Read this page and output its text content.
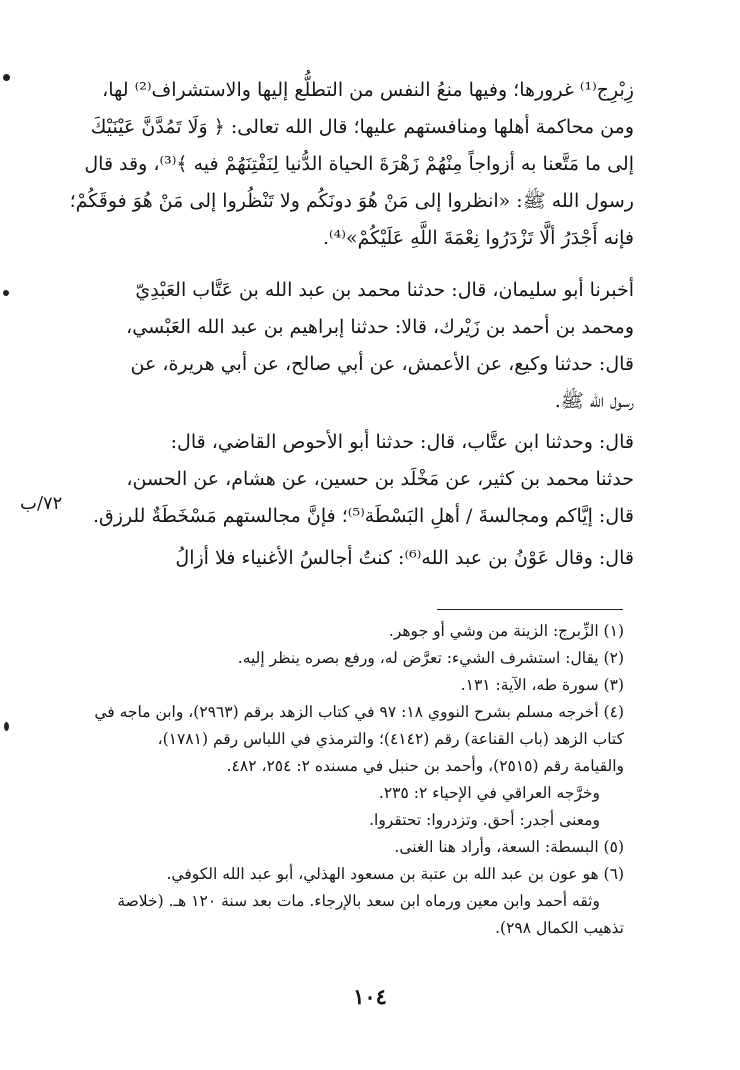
زِبْرِج⁽¹⁾ غرورها؛ وفيها منعُ النفس من التطلُّع إليها والاستشراف⁽²⁾ لها،

ومن محاكمة أهلها ومنافستهم عليها؛ قال الله تعالى: ﴿ وَلَا تَمُدَّنَّ عَيْنَيْكَ

إلى ما مَتَّعنا به أزواجاً مِنْهُمْ زَهْرَةَ الحياة الدُّنيا لِنَفْتِنَهُمْ فيه ﴾⁽³⁾، وقد قال

رسول الله ﷺ: «انظروا إلى مَنْ هُوَ دونَكُم ولا تَنْظُروا إلى مَنْ هُوَ فوقَكُمْ؛

فإنه أَجْدَرُ ألَّا تَزْدَرُوا نِعْمَةَ اللَّهِ عَلَيْكُمْ»⁽⁴⁾.

أخبرنا أبو سليمان، قال: حدثنا محمد بن عبد الله بن عَتَّاب العَبْدِيّ

ومحمد بن أحمد بن زَيْرك، قالا: حدثنا إبراهيم بن عبد الله العَبْسي،

قال: حدثنا وكيع، عن الأعمش، عن أبي صالح، عن أبي هريرة، عن

رسول الله ﷺ.

قال: وحدثنا ابن عتَّاب، قال: حدثنا أبو الأحوص القاضي، قال:

حدثنا محمد بن كثير، عن مَخْلَد بن حسين، عن هشام، عن الحسن،

قال: إيَّاكم ومجالسةَ / أهلِ البَسْطَة⁽⁵⁾؛ فإنَّ مجالستهم مَسْخَطَةٌ للرزق.

٧٢/ب

قال: وقال عَوْنُ بن عبد الله⁽⁶⁾: كنتُ أجالسُ الأغنياء فلا أزالُ

(١) الزِّبرج: الزينة من وشي أو جوهر.
(٢) يقال: استشرف الشيء: تعرَّض له، ورفع بصره ينظر إليه.
(٣) سورة طه، الآية: ١٣١.
(٤) أخرجه مسلم بشرح النووي ١٨: ٩٧ في كتاب الزهد برقم (٢٩٦٣)، وابن ماجه في
كتاب الزهد (باب القناعة) رقم (٤١٤٢)؛ والترمذي في اللباس رقم (١٧٨١)،
والقيامة رقم (٢٥١٥)، وأحمد بن حنبل في مسنده ٢: ٢٥٤، ٤٨٢.
وخرَّجه العراقي في الإحياء ٢: ٢٣٥.
ومعنى أجدر: أحق. وتزدروا: تحتقروا.
(٥) البسطة: السعة، وأراد هنا الغنى.
(٦) هو عون بن عبد الله بن عتبة بن مسعود الهذلي، أبو عبد الله الكوفي.
وثقه أحمد وابن معين ورماه ابن سعد بالإرجاء. مات بعد سنة ١٢٠ هـ. (خلاصة
تذهيب الكمال ٢٩٨).
١٠٤
